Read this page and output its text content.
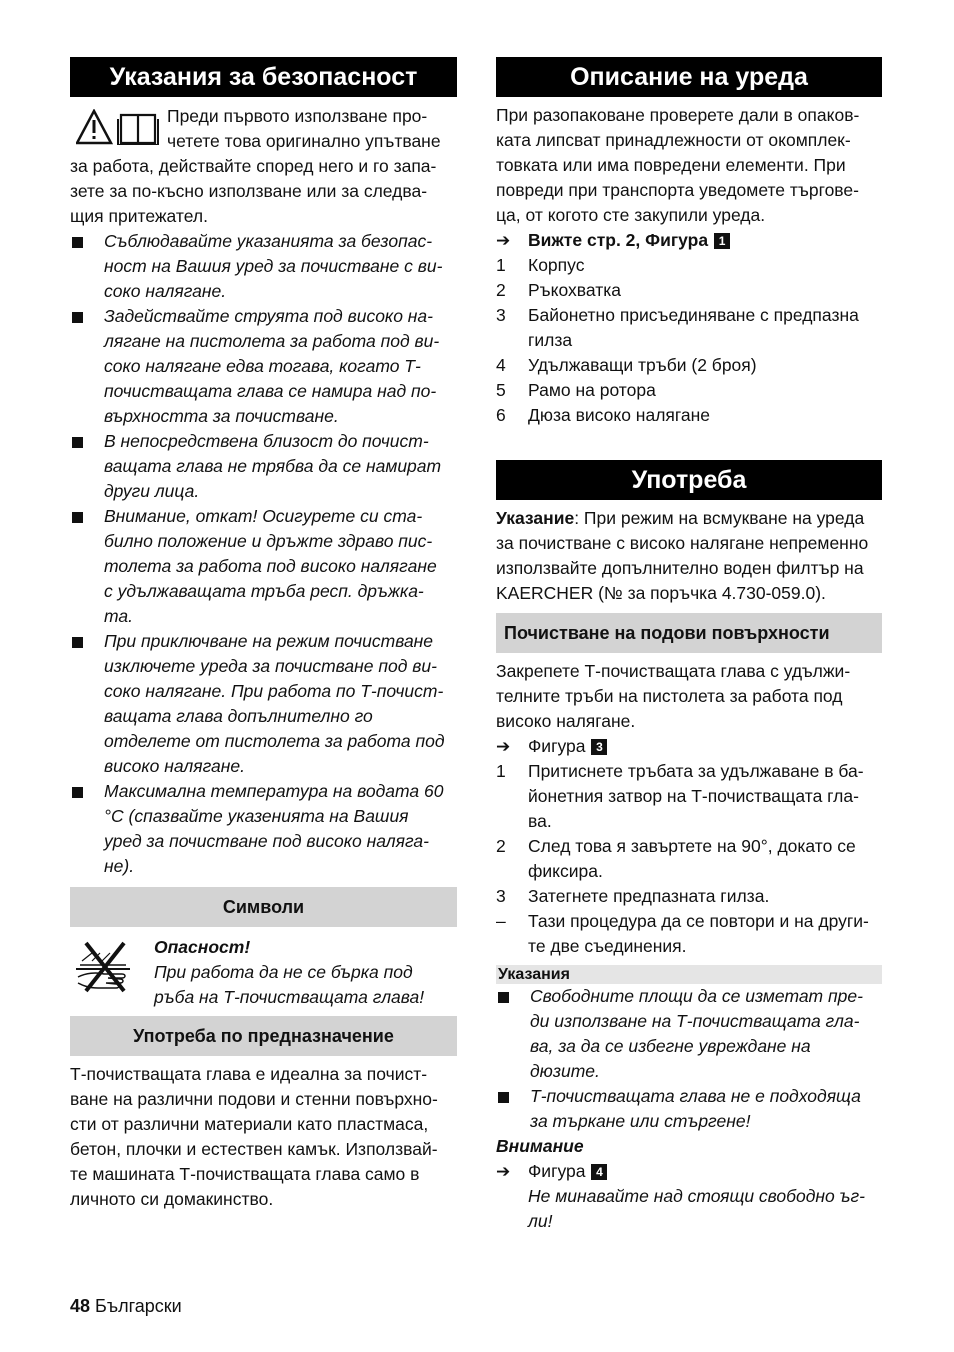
Указания за безопасност
Преди първото използване про-
четете това оригинално упътване
за работа, действайте според него и го запа-
зете за по-късно използване или за следва-
щия притежател.
Съблюдавайте указанията за безопас-
ност на Вашия уред за почистване с ви-
соко налягане.
Задействайте струята под високо на-
лягане на пистолета за работа под ви-
соко налягане едва тогава, когато Т-
почистващата глава се намира над по-
върхността за почистване.
В непосредствена близост до почист-
ващата глава не трябва да се намират
други лица.
Внимание, откат! Осигурете си ста-
билно положение и дръжте здраво пис-
толета за работа под високо налягане
с удължаващата тръба респ. дръжка-
та.
При приключване на режим почистване
изключете уреда за почистване под ви-
соко налягане. При работа по Т-почист-
ващата глава допълнително го
отделете от пистолета за работа под
високо налягане.
Максимална температура на водата 60
°C (спазвайте указенията на Вашия
уред за почистване под високо наляга-
не).
Символи
Опасност!
При работа да не се бърка под
ръба на Т-почистващата глава!
Употреба по предназначение
Т-почистващата глава е идеална за почист-
ване на различни подови и стенни повърхно-
сти от различни материали като пластмаса,
бетон, плочки и естествен камък. Използвай-
те машината Т-почистващата глава само в
личното си домакинство.
Описание на уреда
При разопаковане проверете дали в опаков-
ката липсват принадлежности от окомплек-
товката или има повредени елементи. При
повреди при транспорта уведомете търгове-
ца, от когото сте закупили уреда.
➔ Вижте стр. 2, Фигура 1
1 Корпус
2 Ръкохватка
3 Байонетно присъединяване с предпазна
гилза
4 Удължаващи тръби (2 броя)
5 Рамо на ротора
6 Дюза високо налягане
Употреба
Указание: При режим на всмукване на уреда
за почистване с високо налягане непременно
използвайте допълнително воден филтър на
KAERCHER (№ за поръчка 4.730-059.0).
Почистване на подови повърхности
Закрепете Т-почистващата глава с удължи-
телните тръби на пистолета за работа под
високо налягане.
➔ Фигура 3
1 Притиснете тръбата за удължаване в ба-
йонетния затвор на Т-почистващата гла-
ва.
2 След това я завъртете на 90°, докато се
фиксира.
3 Затегнете предпазната гилза.
– Тази процедура да се повтори и на други-
те две съединения.
Указания
Свободните площи да се изметат пре-
ди използване на Т-почистващата гла-
ва, за да се избегне увреждане на
дюзите.
Т-почистващата глава не е подходяща
за търкане или стъргене!
Внимание
➔ Фигура 4
Не минавайте над стоящи свободно ъг-
ли!
48 Български
